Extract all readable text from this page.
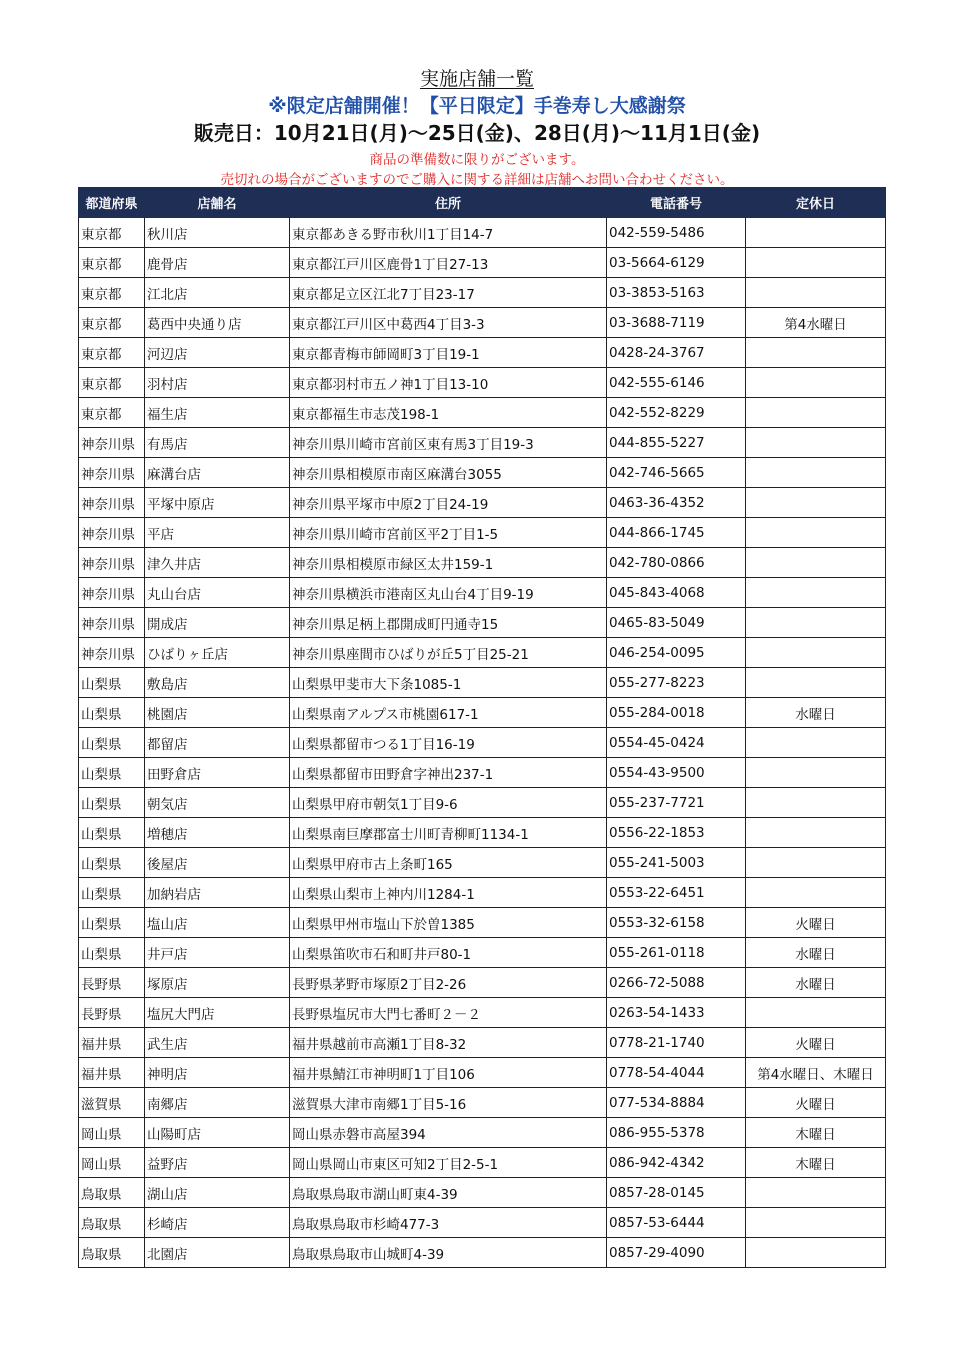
実施店舗一覧
※限定店舗開催！【平日限定】手巻寿し大感謝祭
販売日：10月21日(月)～25日(金)、28日(月)～11月1日(金)
商品の準備数に限りがございます。
売切れの場合がございますのでご購入に関する詳細は店舗へお問い合わせください。
都道府県	店舗名	住所	電話番号	定休日
東京都	秋川店	東京都あきる野市秋川1丁目14-7	042-559-5486	
東京都	鹿骨店	東京都江戸川区鹿骨1丁目27-13	03-5664-6129	
東京都	江北店	東京都足立区江北7丁目23-17	03-3853-5163	
東京都	葛西中央通り店	東京都江戸川区中葛西4丁目3-3	03-3688-7119	第4水曜日
東京都	河辺店	東京都青梅市師岡町3丁目19-1	0428-24-3767	
東京都	羽村店	東京都羽村市五ノ神1丁目13-10	042-555-6146	
東京都	福生店	東京都福生市志茂198-1	042-552-8229	
神奈川県	有馬店	神奈川県川崎市宮前区東有馬3丁目19-3	044-855-5227	
神奈川県	麻溝台店	神奈川県相模原市南区麻溝台3055	042-746-5665	
神奈川県	平塚中原店	神奈川県平塚市中原2丁目24-19	0463-36-4352	
神奈川県	平店	神奈川県川崎市宮前区平2丁目1-5	044-866-1745	
神奈川県	津久井店	神奈川県相模原市緑区太井159-1	042-780-0866	
神奈川県	丸山台店	神奈川県横浜市港南区丸山台4丁目9-19	045-843-4068	
神奈川県	開成店	神奈川県足柄上郡開成町円通寺15	0465-83-5049	
神奈川県	ひばりヶ丘店	神奈川県座間市ひばりが丘5丁目25-21	046-254-0095	
山梨県	敷島店	山梨県甲斐市大下条1085-1	055-277-8223	
山梨県	桃園店	山梨県南アルプス市桃園617-1	055-284-0018	水曜日
山梨県	都留店	山梨県都留市つる1丁目16-19	0554-45-0424	
山梨県	田野倉店	山梨県都留市田野倉字神出237-1	0554-43-9500	
山梨県	朝気店	山梨県甲府市朝気1丁目9-6	055-237-7721	
山梨県	増穂店	山梨県南巨摩郡富士川町青柳町1134-1	0556-22-1853	
山梨県	後屋店	山梨県甲府市古上条町165	055-241-5003	
山梨県	加納岩店	山梨県山梨市上神内川1284-1	0553-22-6451	
山梨県	塩山店	山梨県甲州市塩山下於曽1385	0553-32-6158	火曜日
山梨県	井戸店	山梨県笛吹市石和町井戸80-1	055-261-0118	水曜日
長野県	塚原店	長野県茅野市塚原2丁目2-26	0266-72-5088	水曜日
長野県	塩尻大門店	長野県塩尻市大門七番町２－２	0263-54-1433	
福井県	武生店	福井県越前市高瀬1丁目8-32	0778-21-1740	火曜日
福井県	神明店	福井県鯖江市神明町1丁目106	0778-54-4044	第4水曜日、木曜日
滋賀県	南郷店	滋賀県大津市南郷1丁目5-16	077-534-8884	火曜日
岡山県	山陽町店	岡山県赤磐市高屋394	086-955-5378	木曜日
岡山県	益野店	岡山県岡山市東区可知2丁目2-5-1	086-942-4342	木曜日
鳥取県	湖山店	鳥取県鳥取市湖山町東4-39	0857-28-0145	
鳥取県	杉崎店	鳥取県鳥取市杉崎477-3	0857-53-6444	
鳥取県	北園店	鳥取県鳥取市山城町4-39	0857-29-4090	
